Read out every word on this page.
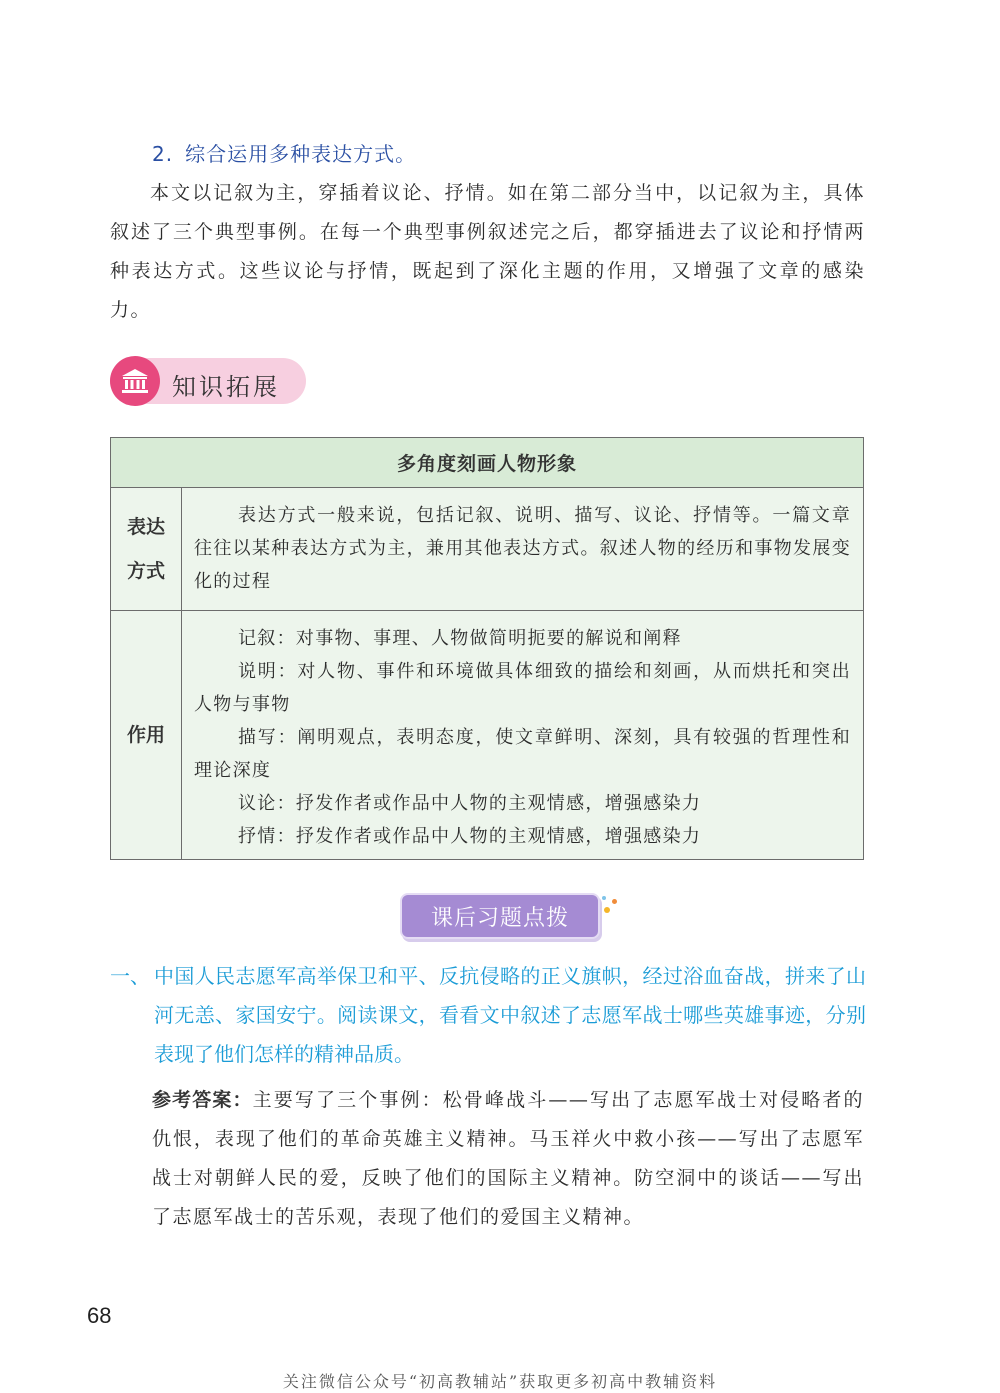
2. 综合运用多种表达方式。
本文以记叙为主，穿插着议论、抒情。如在第二部分当中，以记叙为主，具体叙述了三个典型事例。在每一个典型事例叙述完之后，都穿插进去了议论和抒情两种表达方式。这些议论与抒情，既起到了深化主题的作用，又增强了文章的感染力。
知识拓展
多角度刻画人物形象	

表达
方式	表达方式一般来说，包括记叙、说明、描写、议论、抒情等。一篇文章往往以某种表达方式为主，兼用其他表达方式。叙述人物的经历和事物发展变化的过程

作用	记叙：对事物、事理、人物做简明扼要的解说和阐释

说明：对人物、事件和环境做具体细致的描绘和刻画，从而烘托和突出人物与事物

描写：阐明观点，表明态度，使文章鲜明、深刻，具有较强的哲理性和理论深度

议论：抒发作者或作品中人物的主观情感，增强感染力

抒情：抒发作者或作品中人物的主观情感，增强感染力

课后习题点拨
一、 中国人民志愿军高举保卫和平、反抗侵略的正义旗帜，经过浴血奋战，拼来了山河无恙、家国安宁。阅读课文，看看文中叙述了志愿军战士哪些英雄事迹，分别表现了他们怎样的精神品质。
参考答案：主要写了三个事例：松骨峰战斗——写出了志愿军战士对侵略者的仇恨，表现了他们的革命英雄主义精神。马玉祥火中救小孩——写出了志愿军战士对朝鲜人民的爱，反映了他们的国际主义精神。防空洞中的谈话——写出了志愿军战士的苦乐观，表现了他们的爱国主义精神。
68
关注微信公众号“初高教辅站”获取更多初高中教辅资料
